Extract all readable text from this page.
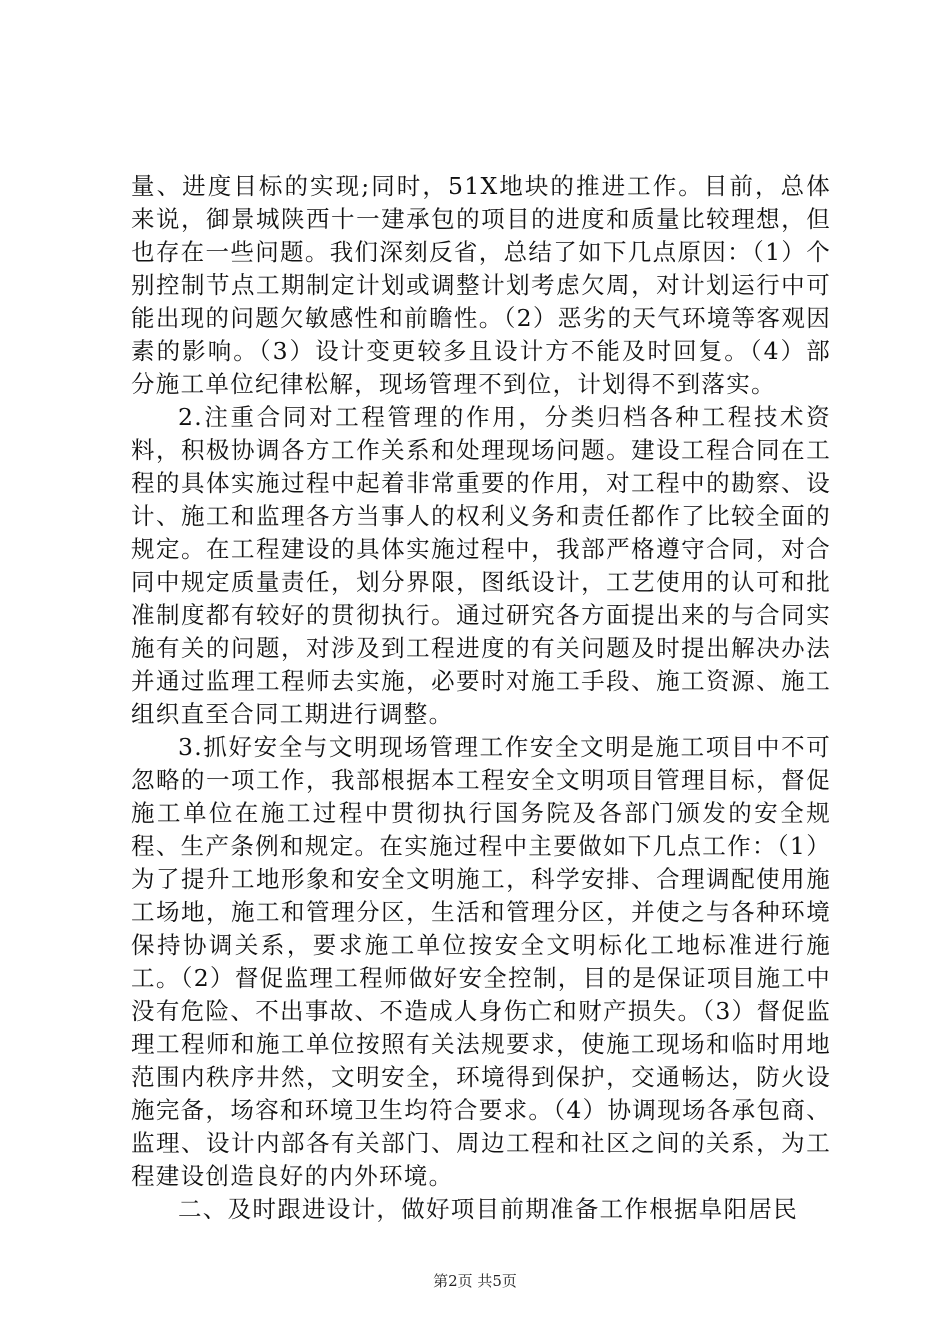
量、进度目标的实现;同时，51X地块的推进工作。目前，总体来说，御景城陕西十一建承包的项目的进度和质量比较理想，但也存在一些问题。我们深刻反省，总结了如下几点原因：（1）个别控制节点工期制定计划或调整计划考虑欠周，对计划运行中可能出现的问题欠敏感性和前瞻性。（2）恶劣的天气环境等客观因素的影响。（3）设计变更较多且设计方不能及时回复。（4）部分施工单位纪律松解，现场管理不到位，计划得不到落实。

2.注重合同对工程管理的作用，分类归档各种工程技术资料，积极协调各方工作关系和处理现场问题。建设工程合同在工程的具体实施过程中起着非常重要的作用，对工程中的勘察、设计、施工和监理各方当事人的权利义务和责任都作了比较全面的规定。在工程建设的具体实施过程中，我部严格遵守合同，对合同中规定质量责任，划分界限，图纸设计，工艺使用的认可和批准制度都有较好的贯彻执行。通过研究各方面提出来的与合同实施有关的问题，对涉及到工程进度的有关问题及时提出解决办法并通过监理工程师去实施，必要时对施工手段、施工资源、施工组织直至合同工期进行调整。

3.抓好安全与文明现场管理工作安全文明是施工项目中不可忽略的一项工作，我部根据本工程安全文明项目管理目标，督促施工单位在施工过程中贯彻执行国务院及各部门颁发的安全规程、生产条例和规定。在实施过程中主要做如下几点工作：（1）为了提升工地形象和安全文明施工，科学安排、合理调配使用施工场地，施工和管理分区，生活和管理分区，并使之与各种环境保持协调关系，要求施工单位按安全文明标化工地标准进行施工。（2）督促监理工程师做好安全控制，目的是保证项目施工中没有危险、不出事故、不造成人身伤亡和财产损失。（3）督促监理工程师和施工单位按照有关法规要求，使施工现场和临时用地范围内秩序井然，文明安全，环境得到保护，交通畅达，防火设施完备，场容和环境卫生均符合要求。（4）协调现场各承包商、监理、设计内部各有关部门、周边工程和社区之间的关系，为工程建设创造良好的内外环境。

二、及时跟进设计，做好项目前期准备工作根据阜阳居民

第2页 共5页
